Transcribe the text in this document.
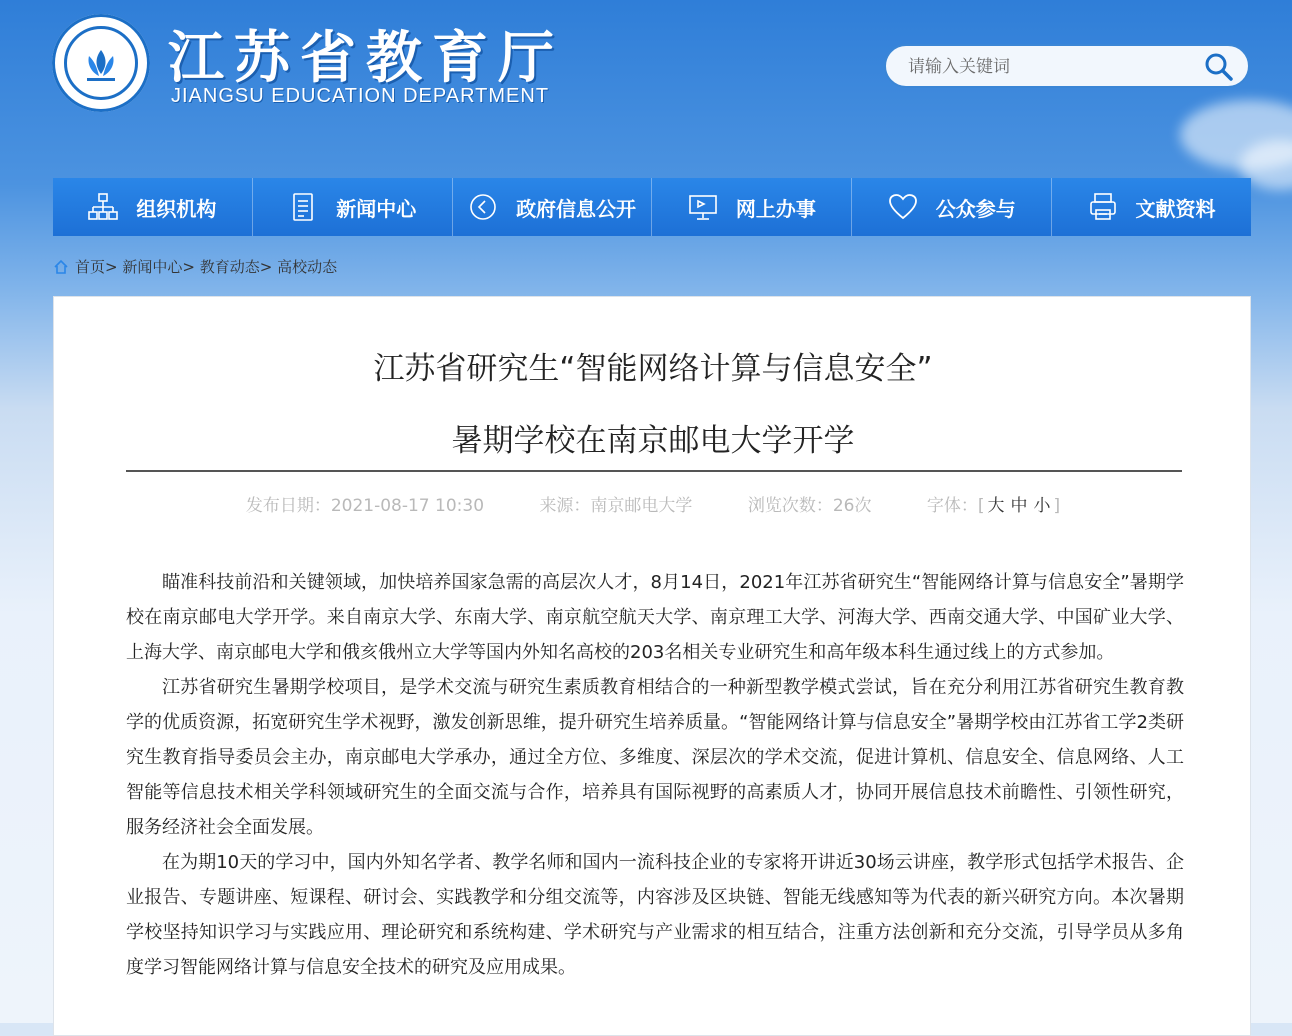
江苏省教育厅
JIANGSU EDUCATION DEPARTMENT
请输入关键词
组织机构	新闻中心	政府信息公开	网上办事	公众参与	文献资料
首页 >
新闻中心 >
教育动态 >
高校动态
江苏省研究生“智能网络计算与信息安全”
暑期学校在南京邮电大学开学
发布日期：2021-08-17 10:30	来源：南京邮电大学	浏览次数：26次	字体：[ 大 中 小 ]

瞄准科技前沿和关键领域，加快培养国家急需的高层次人才，8月14日，2021年江苏省研究生“智能网络计算与信息安全”暑期学校在南京邮电大学开学。来自南京大学、东南大学、南京航空航天大学、南京理工大学、河海大学、西南交通大学、中国矿业大学、上海大学、南京邮电大学和俄亥俄州立大学等国内外知名高校的203名相关专业研究生和高年级本科生通过线上的方式参加。

江苏省研究生暑期学校项目，是学术交流与研究生素质教育相结合的一种新型教学模式尝试，旨在充分利用江苏省研究生教育教学的优质资源，拓宽研究生学术视野，激发创新思维，提升研究生培养质量。“智能网络计算与信息安全”暑期学校由江苏省工学2类研究生教育指导委员会主办，南京邮电大学承办，通过全方位、多维度、深层次的学术交流，促进计算机、信息安全、信息网络、人工智能等信息技术相关学科领域研究生的全面交流与合作，培养具有国际视野的高素质人才，协同开展信息技术前瞻性、引领性研究，服务经济社会全面发展。

在为期10天的学习中，国内外知名学者、教学名师和国内一流科技企业的专家将开讲近30场云讲座，教学形式包括学术报告、企业报告、专题讲座、短课程、研讨会、实践教学和分组交流等，内容涉及区块链、智能无线感知等为代表的新兴研究方向。本次暑期学校坚持知识学习与实践应用、理论研究和系统构建、学术研究与产业需求的相互结合，注重方法创新和充分交流，引导学员从多角度学习智能网络计算与信息安全技术的研究及应用成果。
